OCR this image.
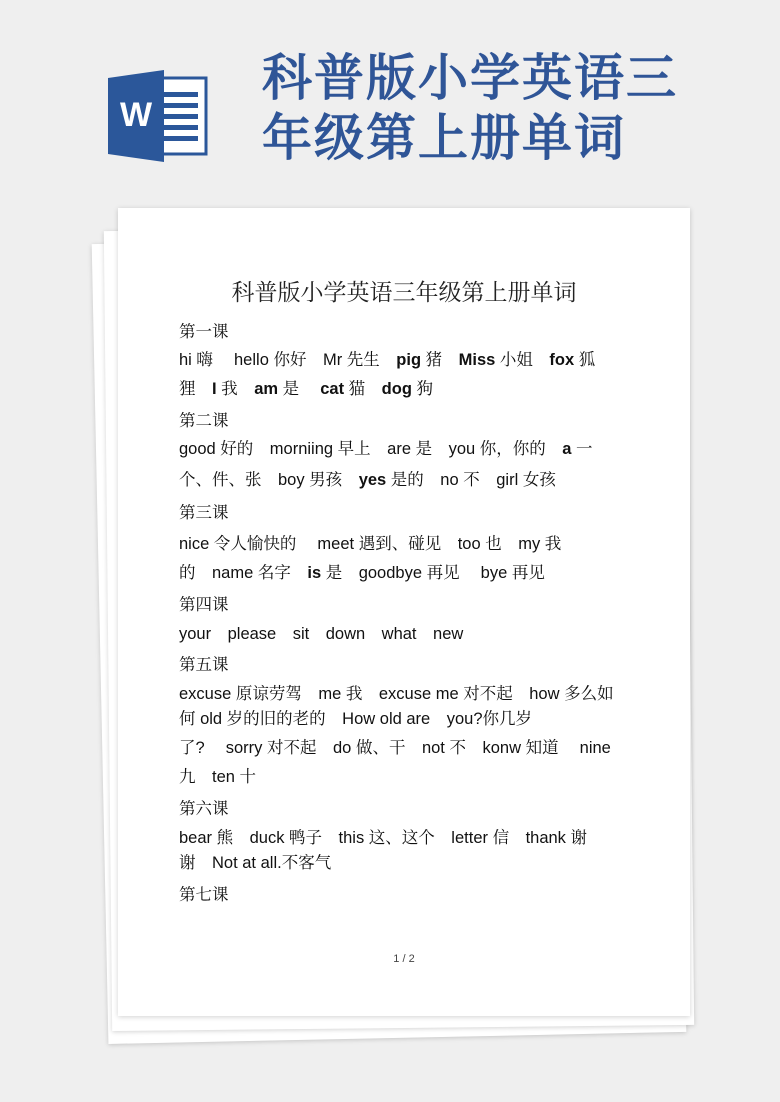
W
科普版小学英语三
年级第上册单词
科普版小学英语三年级第上册单词
第一课
hi 嗨　 hello 你好　Mr 先生　pig 猪　Miss 小姐　fox 狐
狸　I 我　am 是　 cat 猫　dog 狗
第二课
good 好的　morniing 早上　are 是　you 你，你的　a 一
个、件、张　boy 男孩　yes 是的　no 不　girl 女孩
第三课
nice 令人愉快的　 meet 遇到、碰见　too 也　my 我
的　name 名字　is 是　goodbye 再见　 bye 再见
第四课
your　please　sit　down　what　new
第五课
excuse 原谅劳驾　me 我　excuse me 对不起　how 多么如
何 old 岁的旧的老的　How old are　you?你几岁
了?　 sorry 对不起　do 做、干　not 不　konw 知道　 nine
九　ten 十
第六课
bear 熊　duck 鸭子　this 这、这个　letter 信　thank 谢
谢　Not at all.不客气
第七课
1 / 2
